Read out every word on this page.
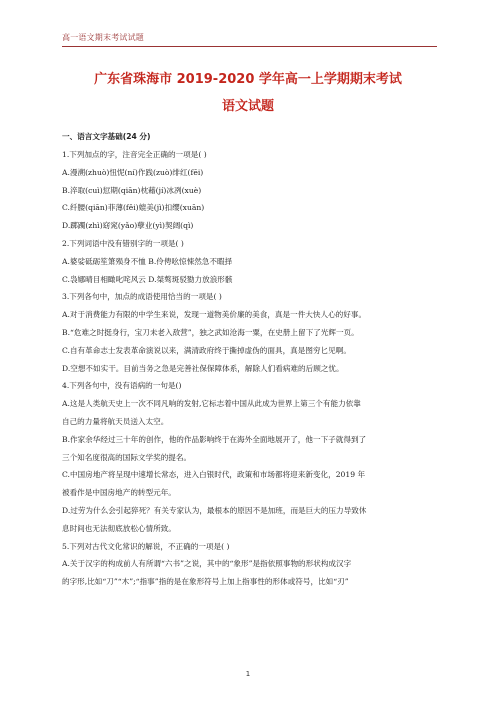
高一语文期末考试试题
广东省珠海市 2019-2020 学年高一上学期期末考试
语文试题
一、语言文字基础(24 分)
1.下列加点的字，注音完全正确的一项是( )
A.漫溯(zhuò)忸怩(ní)作践(zuò)绯红(fēi)
B.淬取(cuì)愆期(qiān)枕藉(jí)冰冽(xuè)
C.纤腰(qiān)菲薄(fěi)媲美(jì)扣缨(xuān)
D.踯躅(zhì)窈窕(yǎo)孽业(yì)契阔(qì)
2.下列词语中没有错别字的一项是( )
A.婆娑砥砺笙箫殒身不恤 B.伶俜吆惊悚然急不暇择
C.袅娜晴目相瞰叱咤风云 D.桀骜斑驳勠力放浪形骸
3.下列各句中，加点的成语使用恰当的一项是( )
A.对于消费能力有限的中学生来说，发现一道物美价廉的美食，真是一件大快人心的好事。
B.“危难之时挺身行，宝刀未老入敌营”，独之武如沧海一粟，在史册上留下了光辉一页。
C.自有革命志士发表革命演说以来，满清政府终于撕掉虚伪的面具，真是图穷匕见啊。
D.空想不如实干。目前当务之急是完善社保保障体系，解除人们看病难的后顾之忧。
4.下列各句中，没有语病的一句是()
A.这是人类航天史上一次不同凡响的发射,它标志着中国从此成为世界上第三个有能力依靠
自己的力量将航天员送入太空。
B.作家余华经过三十年的创作，他的作品影响终于在海外全面地展开了，他一下子就得到了
三个知名度很高的国际文学奖的提名。
C.中国房地产将呈现中速增长常态，进入白银时代，政策和市场都将迎来新变化，2019 年
被看作是中国房地产的转型元年。
D.过劳为什么会引起猝死？有关专家认为，最根本的原因不是加班，而是巨大的压力导致休
息时间也无法彻底放松心情所致。
5.下列对古代文化常识的解说，不正确的一项是( )
A.关于汉字的构成前人有所谓“六书”之说，其中的“象形”是指依照事物的形状构成汉字
的字形,比如“刀”“木”;“指事”指的是在象形符号上加上指事性的形体或符号，比如“刃”
1
